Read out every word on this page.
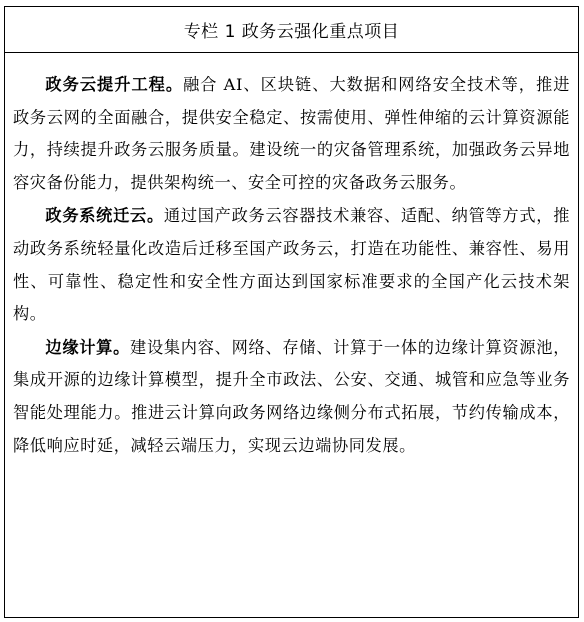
专栏 1 政务云强化重点项目

政务云提升工程。融合 AI、区块链、大数据和网络安全技术等，推进政务云网的全面融合，提供安全稳定、按需使用、弹性伸缩的云计算资源能力，持续提升政务云服务质量。建设统一的灾备管理系统，加强政务云异地容灾备份能力，提供架构统一、安全可控的灾备政务云服务。

政务系统迁云。通过国产政务云容器技术兼容、适配、纳管等方式，推动政务系统轻量化改造后迁移至国产政务云，打造在功能性、兼容性、易用性、可靠性、稳定性和安全性方面达到国家标准要求的全国产化云技术架构。

边缘计算。建设集内容、网络、存储、计算于一体的边缘计算资源池，集成开源的边缘计算模型，提升全市政法、公安、交通、城管和应急等业务智能处理能力。推进云计算向政务网络边缘侧分布式拓展，节约传输成本，降低响应时延，减轻云端压力，实现云边端协同发展。
